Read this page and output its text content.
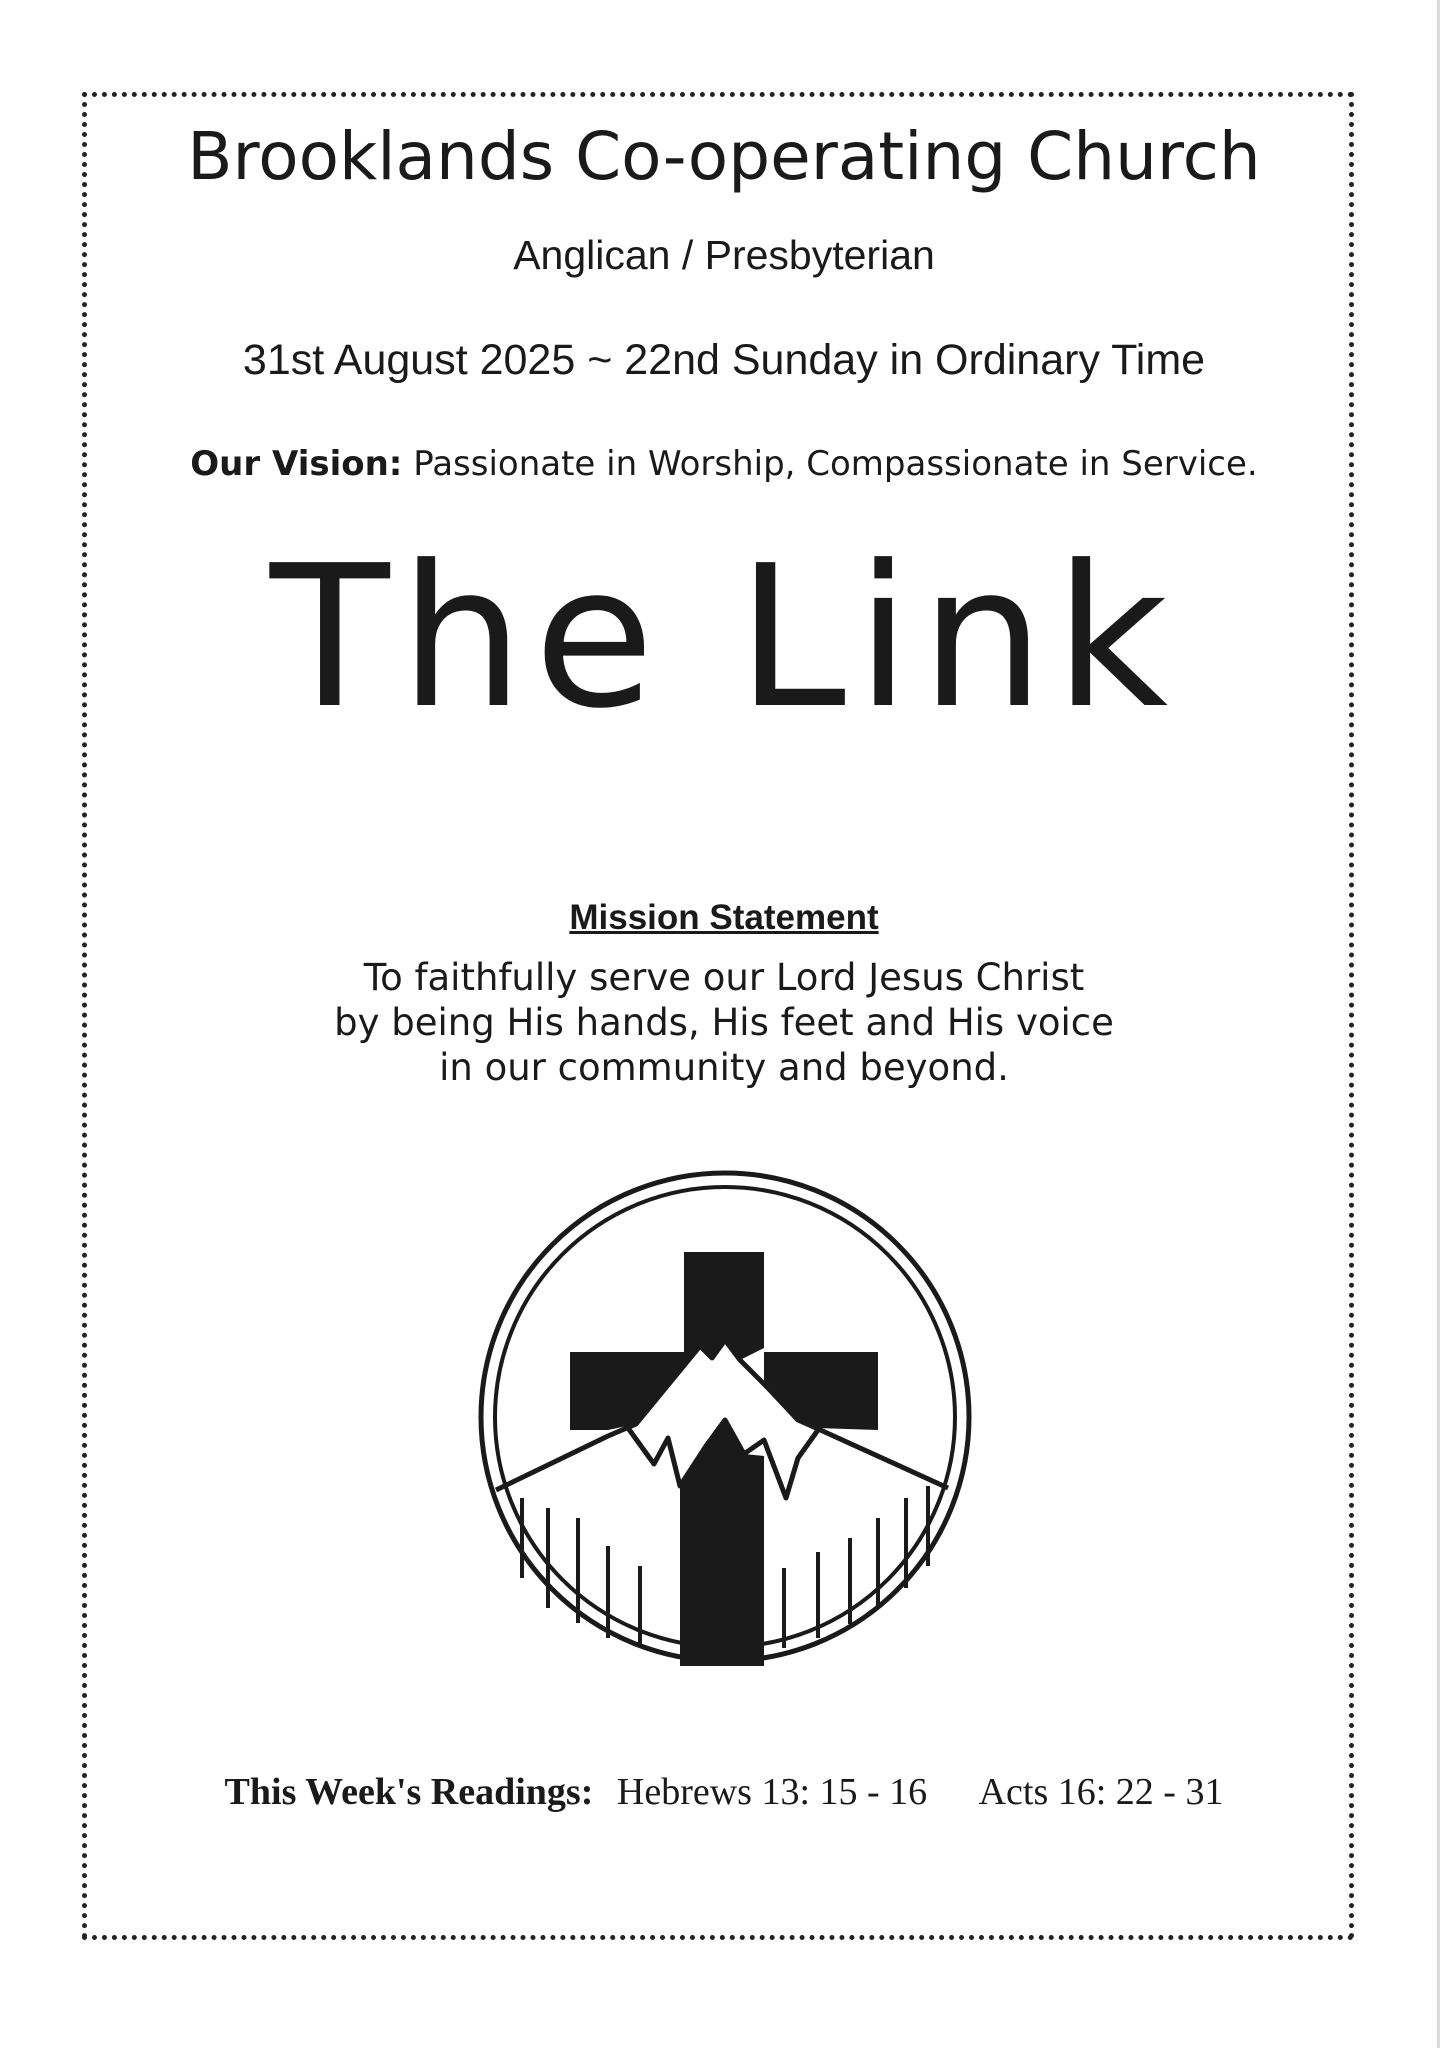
Brooklands Co-operating Church
Anglican / Presbyterian
31st August 2025 ~ 22nd Sunday in Ordinary Time
Our Vision: Passionate in Worship, Compassionate in Service.
The Link
Mission Statement
To faithfully serve our Lord Jesus Christ
by being His hands, His feet and His voice
in our community and beyond.
This Week's Readings: Hebrews 13: 15 - 16 Acts 16: 22 - 31
